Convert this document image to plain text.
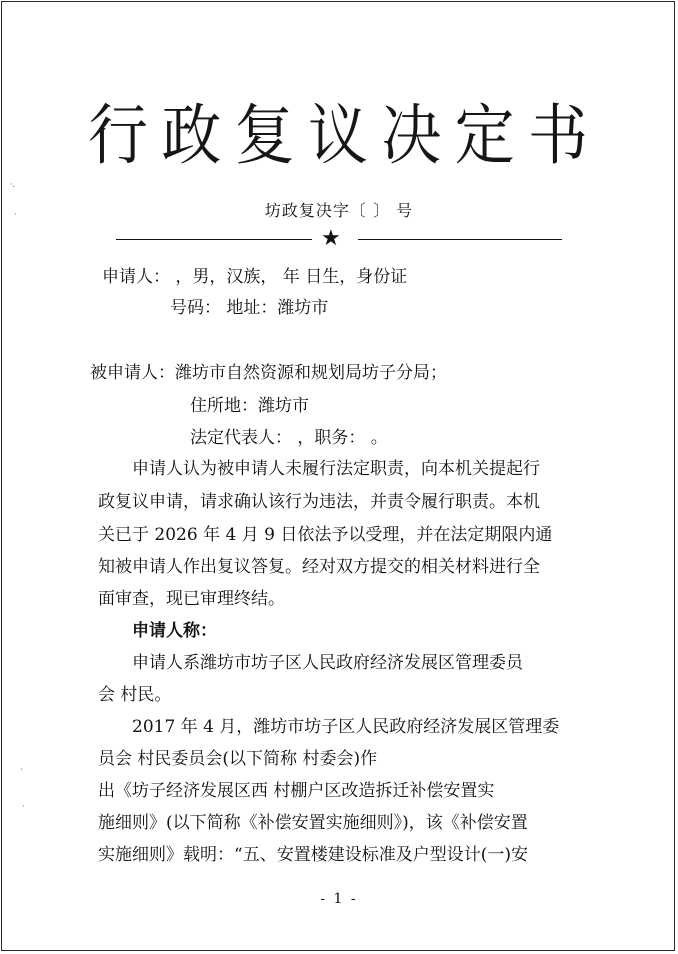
·.
·
`
·
行 政 复 议 决 定 书
坊政复决字〔 〕 号
★
申请人： ，男，汉族， 年 日生，身份证
号码： 地址：潍坊市
被申请人：潍坊市自然资源和规划局坊子分局；
住所地：潍坊市
法定代表人： ，职务： 。
申请人认为被申请人未履行法定职责，向本机关提起行
政复议申请，请求确认该行为违法，并责令履行职责。本机
关已于 2026 年 4 月 9 日依法予以受理，并在法定期限内通
知被申请人作出复议答复。经对双方提交的相关材料进行全
面审查，现已审理终结。
申请人称：
申请人系潍坊市坊子区人民政府经济发展区管理委员
会 村民。
2017 年 4 月，潍坊市坊子区人民政府经济发展区管理委
员会 村民委员会(以下简称 村委会)作
出《坊子经济发展区西 村棚户区改造拆迁补偿安置实
施细则》(以下简称《补偿安置实施细则》)，该《补偿安置
实施细则》载明：“五、安置楼建设标准及户型设计(一)安
- 1 -
